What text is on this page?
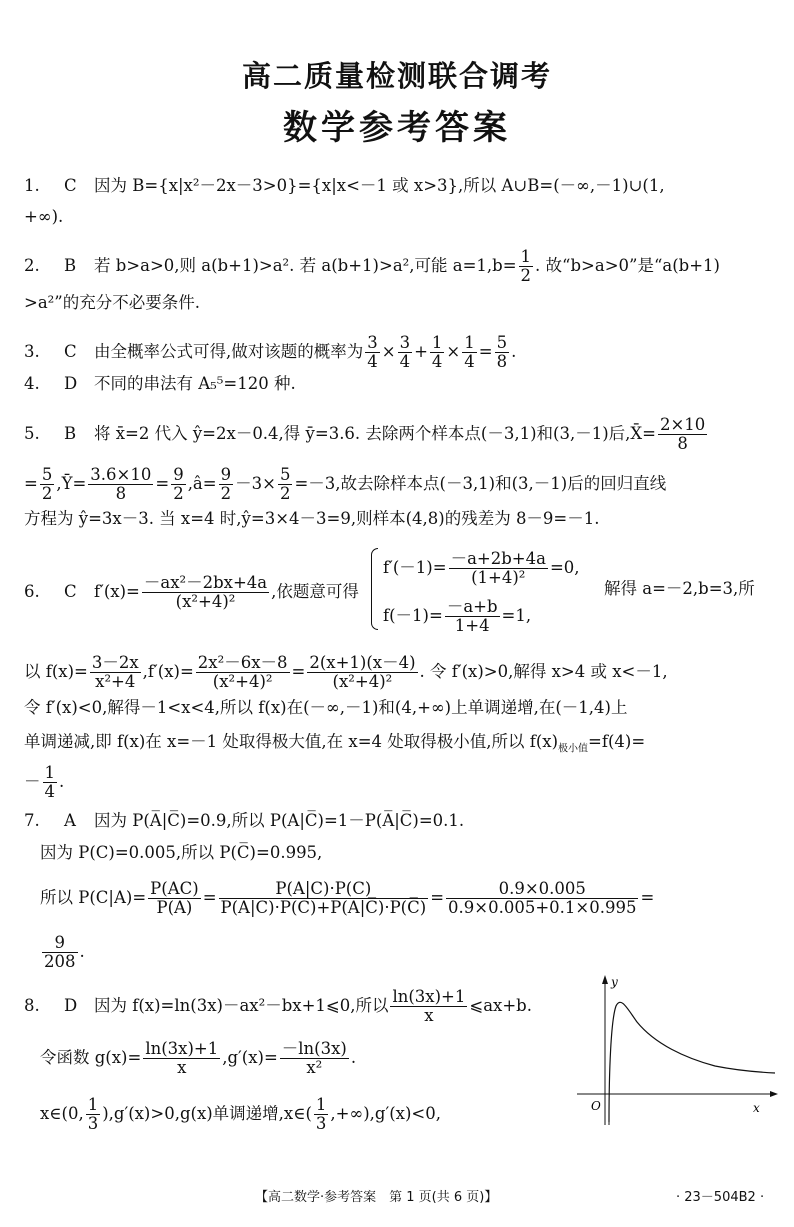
高二质量检测联合调考
数学参考答案
1. C 因为 B={x|x²－2x－3>0}={x|x<－1 或 x>3},所以 A∪B=(－∞,－1)∪(1,
+∞).
2. B 若 b>a>0,则 a(b+1)>a². 若 a(b+1)>a²,可能 $a=1,b= \frac{1}{2}$ . 故“b>a>0”是“a(b+1)
>a²”的充分不必要条件.
3. C 由全概率公式可得,做对该题的概率为 $\frac{3}{4} \times \frac{3}{4} + \frac{1}{4} \times \frac{1}{4} = \frac{5}{8}$ .
4. D 不同的串法有 A₅⁵=120 种.
5. B 将 x̄=2 代入 ŷ=2x－0.4,得 ȳ=3.6. 去除两个样本点(－3,1)和(3,－1)后,X̄= $\frac{2\times 10}{8}$
= $\frac{5}{2}$ ,Ȳ= $\frac{3.6\times 10}{8} = \frac{9}{2}$ ,â= $\frac{9}{2} -3\times \frac{5}{2} =-3$,故去除样本点(－3,1)和(3,－1)后的回归直线
方程为 ŷ=3x－3. 当 x=4 时,ŷ=3×4－3=9,则样本(4,8)的残差为 8－9=－1.
6. C $f'(x)= \frac{\text{－ax²－2bx+4a}}{\text{(x²+4)²}}$ ,依题意可得
$f'(-1)= \frac{-a+2b+4a}{\text{(1+4)²}} =0$,
$f(-1)= \frac{-a+b}{1+4} =1$,
解得 a=－2,b=3,所
以 $f(x)= \frac{3-2x}{\text{x²+4}} ,f'(x)= \frac{\text{2x²－6x－8}}{\text{(x²+4)²}} = \frac{2(x+1)(x-4)}{\text{(x²+4)²}}$ . 令 f′(x)>0,解得 x>4 或 x<－1,
令 f′(x)<0,解得－1<x<4,所以 f(x)在(－∞,－1)和(4,+∞)上单调递增,在(－1,4)上
单调递减,即 f(x)在 x=－1 处取得极大值,在 x=4 处取得极小值,所以 $f(x)_{极小值}=f(4)=$
－ $\frac{1}{4}$ .
7. A 因为 P(A̅|C̅)=0.9,所以 P(A|C̅)=1－P(A̅|C̅)=0.1.
因为 P(C)=0.005,所以 P(C̅)=0.995,
所以 $P(C|A)= \frac{P(AC)}{P(A)} = \frac{P(A|C)\cdot P(C)}{P(A|C)\cdot P(C)+P(A|C̅)\cdot P(C̅)} = \frac{0.9\times 0.005}{0.9\times 0.005+0.1\times 0.995}$ =
$\frac{9}{208}$ .
8. D 因为 f(x)=ln(3x)－ax²－bx+1⩽0,所以 $\frac{\ln(3x)+1}{x}$ ⩽ax+b.
令函数 $g(x)= \frac{\ln(3x)+1}{x} ,g'(x)= \frac{-\ln(3x)}{\text{x²}}$ .
x∈(0, $\frac{1}{3} ),g'(x)>0,g(x)$单调递增,x∈( $\frac{1}{3} ,+\infty),g'(x)<0$,
y
x
O
【高二数学·参考答案　第 1 页(共 6 页)】	· 23－504B2 ·
